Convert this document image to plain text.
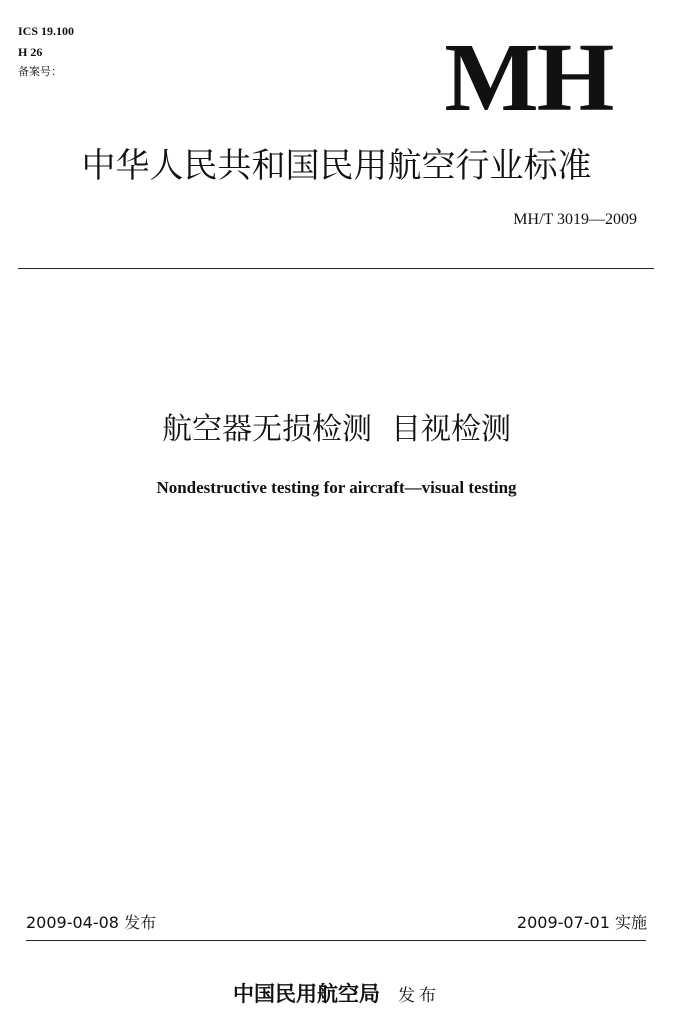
ICS 19.100
H 26
备案号：	MH
中华人民共和国民用航空行业标准
MH/T 3019—2009
航空器无损检测  目视检测
Nondestructive testing for aircraft—visual testing
2009-04-08 发布	2009-07-01 实施
中国民用航空局 发布
